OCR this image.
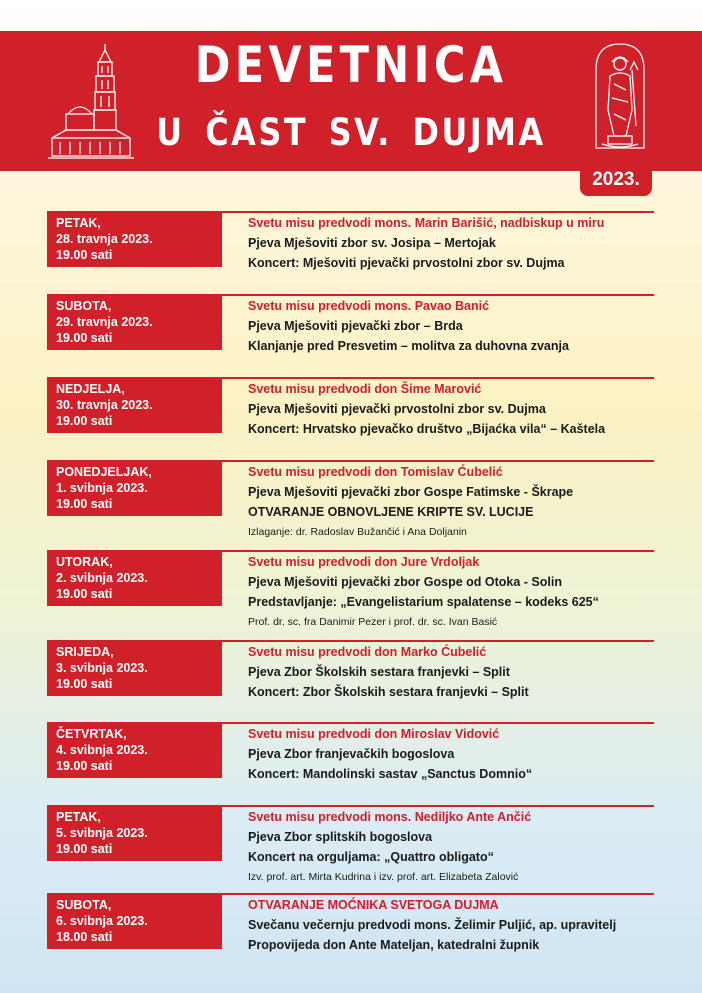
DEVETNICA
U ČAST SV. DUJMA
2023.
PETAK,
28. travnja 2023.
19.00 sati
Svetu misu predvodi mons. Marin Barišić, nadbiskup u miru
Pjeva Mješoviti zbor sv. Josipa – Mertojak
Koncert: Mješoviti pjevački prvostolni zbor sv. Dujma
SUBOTA,
29. travnja 2023.
19.00 sati
Svetu misu predvodi mons. Pavao Banić
Pjeva Mješoviti pjevački zbor – Brda
Klanjanje pred Presvetim – molitva za duhovna zvanja
NEDJELJA,
30. travnja 2023.
19.00 sati
Svetu misu predvodi don Šime Marović
Pjeva Mješoviti pjevački prvostolni zbor sv. Dujma
Koncert: Hrvatsko pjevačko društvo „Bijaćka vila“ – Kaštela
PONEDJELJAK,
1. svibnja 2023.
19.00 sati
Svetu misu predvodi don Tomislav Ćubelić
Pjeva Mješoviti pjevački zbor Gospe Fatimske - Škrape
OTVARANJE OBNOVLJENE KRIPTE SV. LUCIJE
Izlaganje: dr. Radoslav Bužančić i Ana Doljanin
UTORAK,
2. svibnja 2023.
19.00 sati
Svetu misu predvodi don Jure Vrdoljak
Pjeva Mješoviti pjevački zbor Gospe od Otoka - Solin
Predstavljanje: „Evangelistarium spalatense – kodeks 625“
Prof. dr. sc. fra Danimir Pezer i prof. dr. sc. Ivan Basić
SRIJEDA,
3. svibnja 2023.
19.00 sati
Svetu misu predvodi don Marko Ćubelić
Pjeva Zbor Školskih sestara franjevki – Split
Koncert: Zbor Školskih sestara franjevki – Split
ČETVRTAK,
4. svibnja 2023.
19.00 sati
Svetu misu predvodi don Miroslav Vidović
Pjeva Zbor franjevačkih bogoslova
Koncert: Mandolinski sastav „Sanctus Domnio“
PETAK,
5. svibnja 2023.
19.00 sati
Svetu misu predvodi mons. Nediljko Ante Ančić
Pjeva Zbor splitskih bogoslova
Koncert na orguljama: „Quattro obligato“
Izv. prof. art. Mirta Kudrina i izv. prof. art. Elizabeta Zalović
SUBOTA,
6. svibnja 2023.
18.00 sati
OTVARANJE MOĆNIKA SVETOGA DUJMA
Svečanu večernju predvodi mons. Želimir Puljić, ap. upravitelj
Propovijeda don Ante Mateljan, katedralni župnik
